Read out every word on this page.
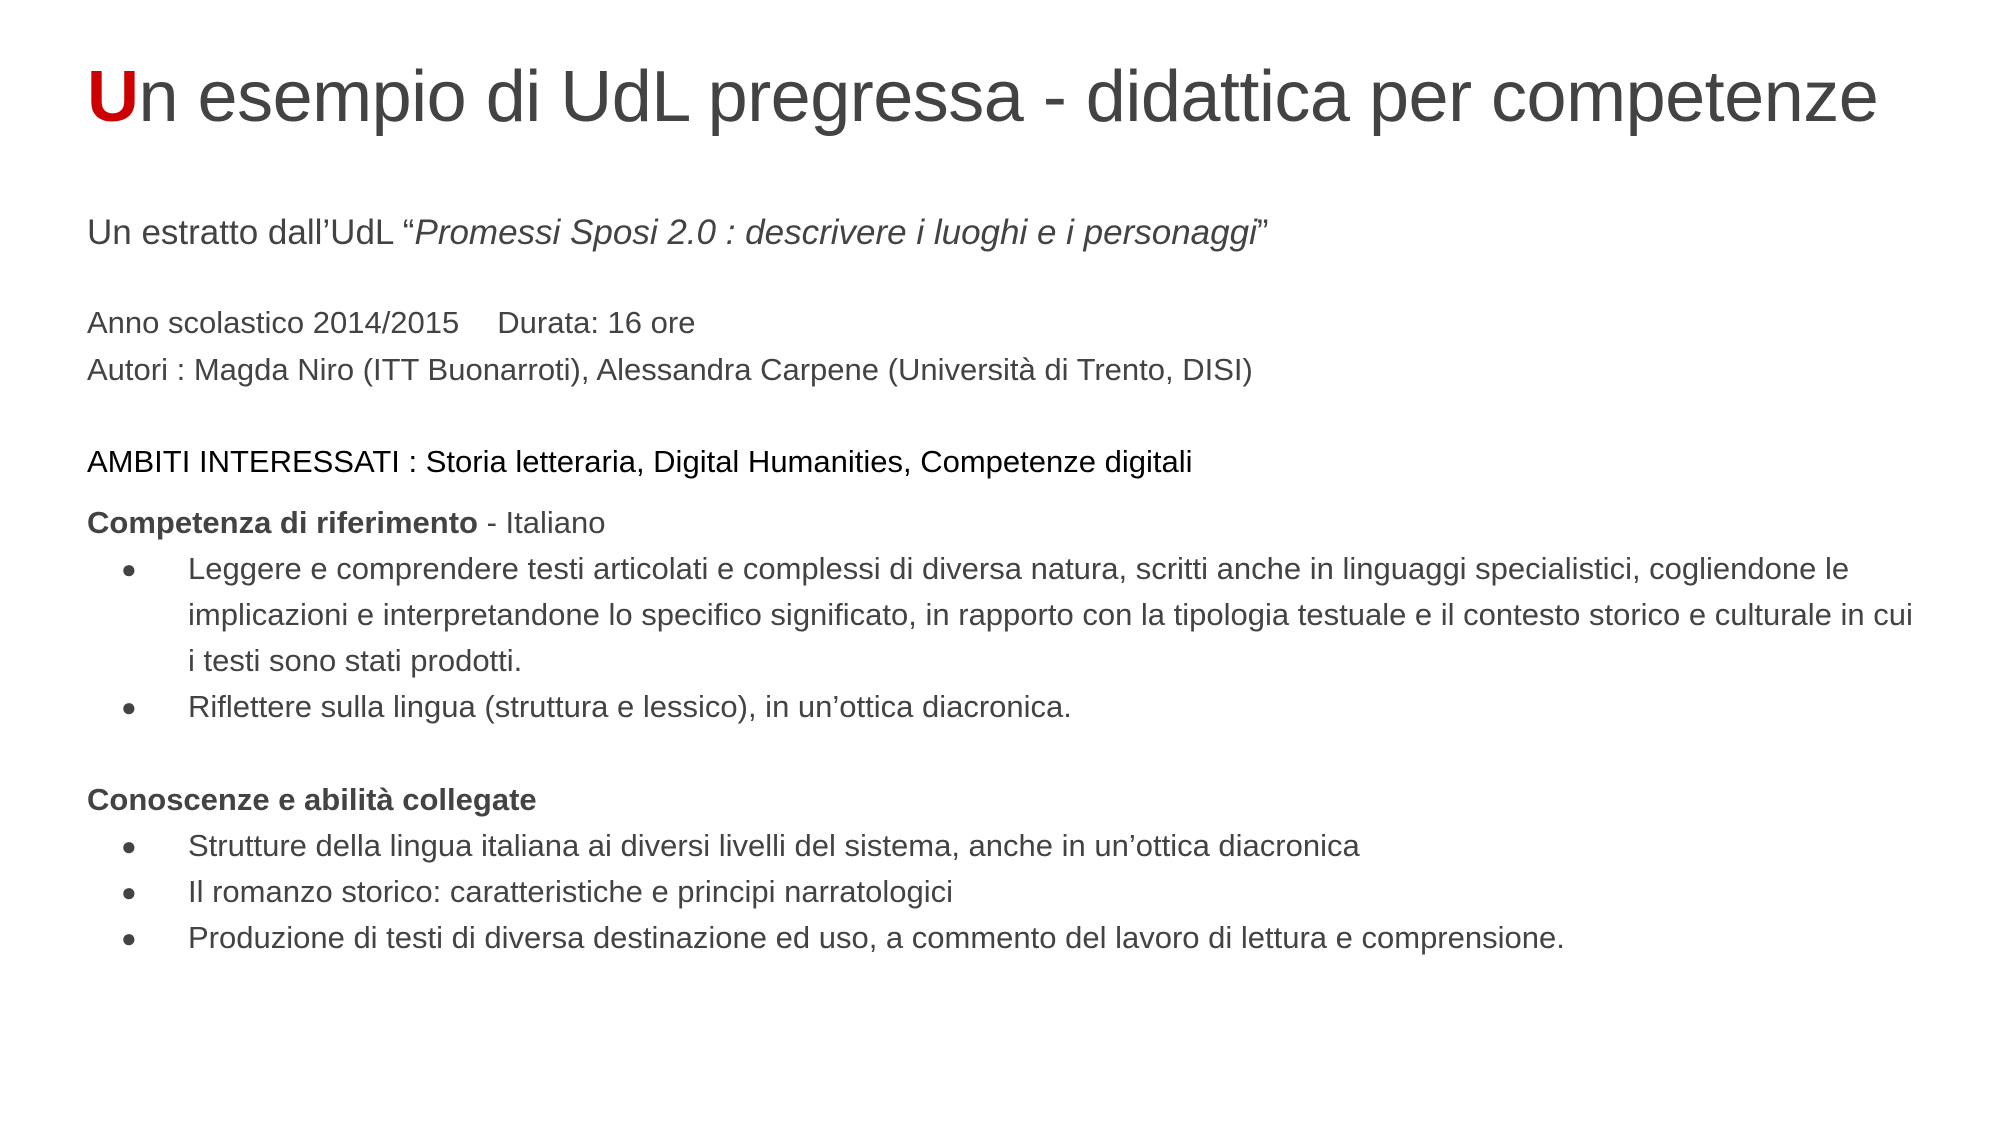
Un esempio di UdL pregressa - didattica per competenze
Un estratto dall’UdL “Promessi Sposi 2.0 : descrivere i luoghi e i personaggi”
Anno scolastico 2014/2015 Durata: 16 ore
Autori : Magda Niro (ITT Buonarroti), Alessandra Carpene (Università di Trento, DISI)
AMBITI INTERESSATI : Storia letteraria, Digital Humanities, Competenze digitali
Competenza di riferimento - Italiano
● Leggere e comprendere testi articolati e complessi di diversa natura, scritti anche in linguaggi specialistici, cogliendone le implicazioni e interpretandone lo specifico significato, in rapporto con la tipologia testuale e il contesto storico e culturale in cui i testi sono stati prodotti.
● Riflettere sulla lingua (struttura e lessico), in un’ottica diacronica.
Conoscenze e abilità collegate
● Strutture della lingua italiana ai diversi livelli del sistema, anche in un’ottica diacronica
● Il romanzo storico: caratteristiche e principi narratologici
● Produzione di testi di diversa destinazione ed uso, a commento del lavoro di lettura e comprensione.
